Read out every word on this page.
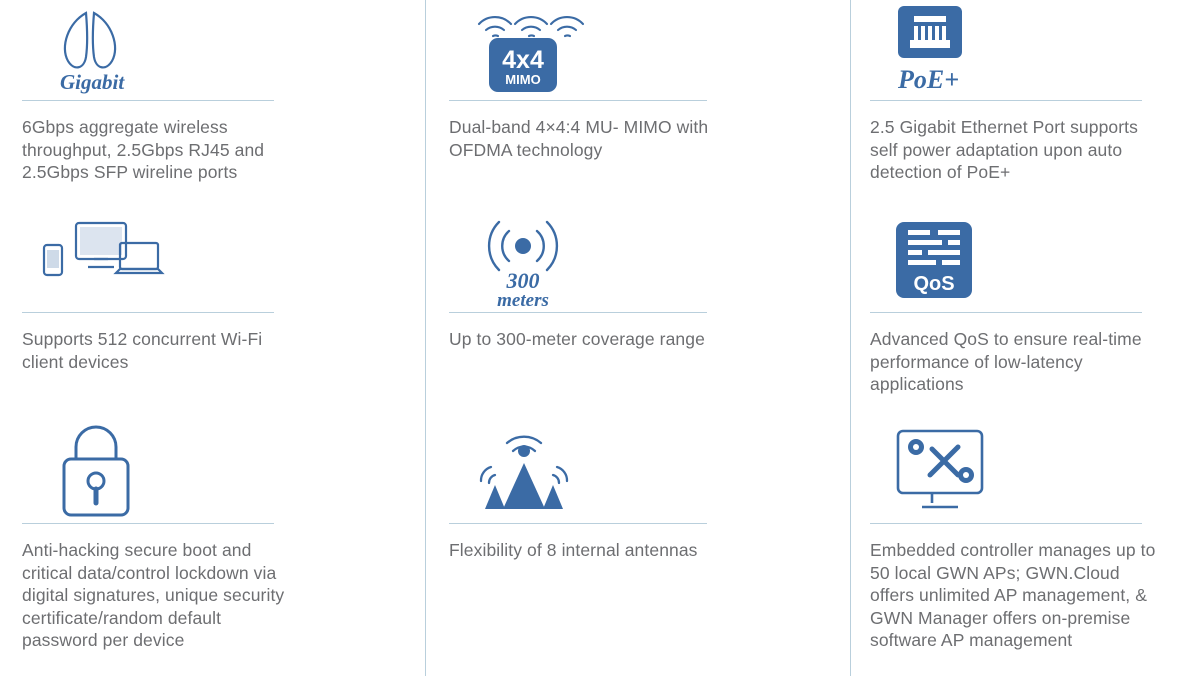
Gigabit
6Gbps aggregate wireless throughput, 2.5Gbps RJ45 and 2.5Gbps SFP wireline ports
4x4
MIMO
Dual-band 4×4:4 MU- MIMO with OFDMA technology
PoE+
2.5 Gigabit Ethernet Port supports self power adaptation upon auto detection of PoE+
Supports 512 concurrent Wi-Fi client devices
300
meters
Up to 300-meter coverage range
QoS
Advanced QoS to ensure real-time performance of low-latency applications
Anti-hacking secure boot and critical data/control lockdown via digital signatures, unique security certificate/random default password per device
Flexibility of 8 internal antennas	Embedded controller manages up to 50 local GWN APs; GWN.Cloud offers unlimited AP management, & GWN Manager offers on-premise software AP management
